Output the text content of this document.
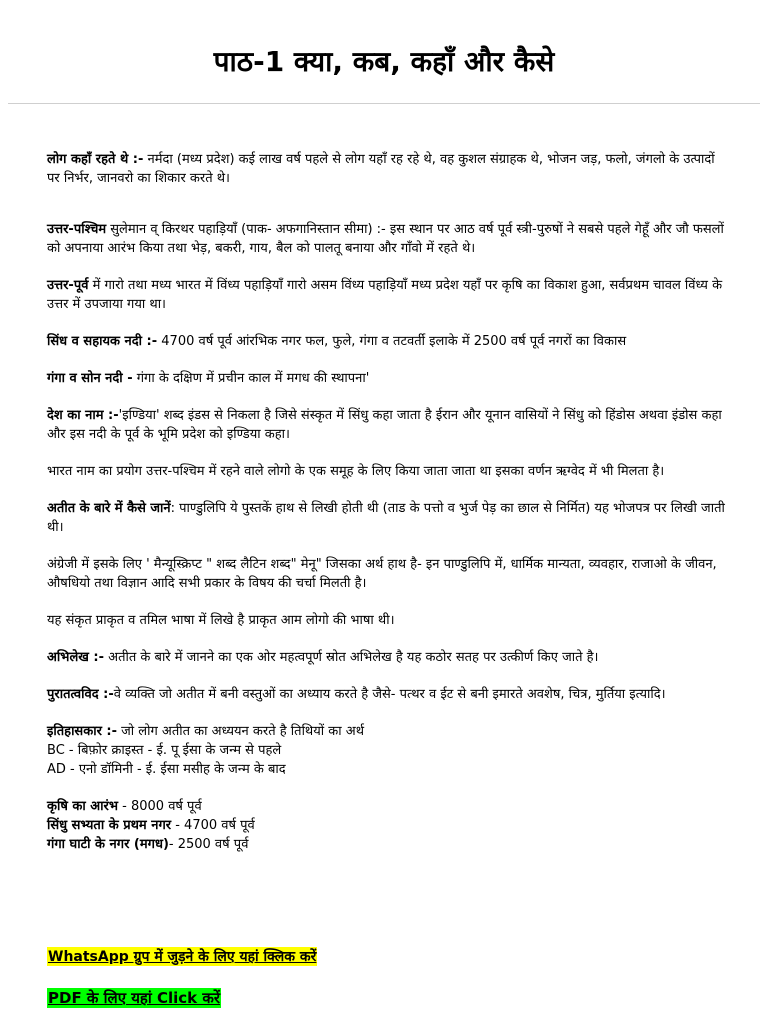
पाठ-1 क्या, कब, कहाँ और कैसे

लोग कहाँ रहते थे :- नर्मदा (मध्य प्रदेश) कई लाख वर्ष पहले से लोग यहाँ रह रहे थे, वह कुशल संग्राहक थे, भोजन जड़, फलो, जंगलो के उत्पादों पर निर्भर, जानवरो का शिकार करते थे।

उत्तर-पश्चिम सुलेमान व् किरथर पहाड़ियाँ (पाक- अफगानिस्तान सीमा) :- इस स्थान पर आठ वर्ष पूर्व स्त्री-पुरुषों ने सबसे पहले गेहूँ और जौ फसलों को अपनाया आरंभ किया तथा भेड़, बकरी, गाय, बैल को पालतू बनाया और गाँवो में रहते थे।

उत्तर-पूर्व में गारो तथा मध्य भारत में विंध्य पहाड़ियाँ गारो असम विंध्य पहाड़ियाँ मध्य प्रदेश यहाँ पर कृषि का विकाश हुआ, सर्वप्रथम चावल विंध्य के उत्तर में उपजाया गया था।

सिंध व सहायक नदी :- 4700 वर्ष पूर्व आंरभिक नगर फल, फुले, गंगा व तटवर्ती इलाके में 2500 वर्ष पूर्व नगरों का विकास

गंगा व सोन नदी - गंगा के दक्षिण में प्रचीन काल में मगध की स्थापना'

देश का नाम :-'इण्डिया' शब्द इंडस से निकला है जिसे संस्कृत में सिंधु कहा जाता है ईरान और यूनान वासियों ने सिंधु को हिंडोस अथवा इंडोस कहा और इस नदी के पूर्व के भूमि प्रदेश को इण्डिया कहा।

भारत नाम का प्रयोग उत्तर-पश्चिम में रहने वाले लोगो के एक समूह के लिए किया जाता जाता था इसका वर्णन ऋग्वेद में भी मिलता है।

अतीत के बारे में कैसे जानें: पाण्डुलिपि ये पुस्तकें हाथ से लिखी होती थी (ताड के पत्तो व भुर्ज पेड़ का छाल से निर्मित) यह भोजपत्र पर लिखी जाती थी।

अंग्रेजी में इसके लिए ' मैन्यूस्क्रिप्ट " शब्द लैटिन शब्द" मेनू" जिसका अर्थ हाथ है- इन पाण्डुलिपि में, धार्मिक मान्यता, व्यवहार, राजाओ के जीवन, औषधियो तथा विज्ञान आदि सभी प्रकार के विषय की चर्चा मिलती है।

यह संकृत प्राकृत व तमिल भाषा में लिखे है प्राकृत आम लोगो की भाषा थी।

अभिलेख :- अतीत के बारे में जानने का एक ओर महत्वपूर्ण स्रोत अभिलेख है यह कठोर सतह पर उत्कीर्ण किए जाते है।

पुरातत्वविद :-वे व्यक्ति जो अतीत में बनी वस्तुओं का अध्याय करते है जैसे- पत्थर व ईट से बनी इमारते अवशेष, चित्र, मुर्तिया इत्यादि।

इतिहासकार :- जो लोग अतीत का अध्ययन करते है तिथियों का अर्थ
BC - बिफ़ोर क्राइस्त - ई. पू ईसा के जन्म से पहले
AD - एनो डॉमिनी - ई. ईसा मसीह के जन्म के बाद

कृषि का आरंभ - 8000 वर्ष पूर्व
सिंधु सभ्यता के प्रथम नगर - 4700 वर्ष पूर्व
गंगा घाटी के नगर (मगध)- 2500 वर्ष पूर्व

WhatsApp ग्रुप में जुड़ने के लिए यहां क्लिक करें
PDF के लिए यहां Click करें
